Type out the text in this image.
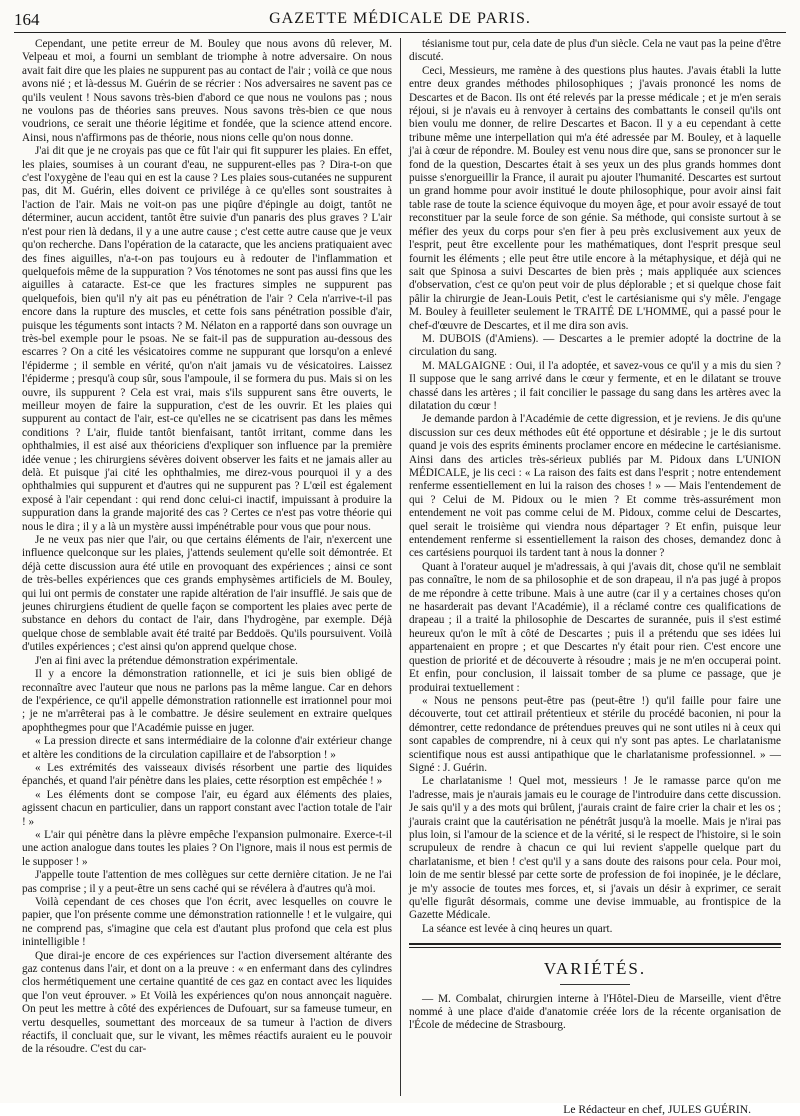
164	GAZETTE MÉDICALE DE PARIS.

Cependant, une petite erreur de M. Bouley que nous avons dû relever, M. Velpeau et moi, a fourni un semblant de triomphe à notre adversaire. On nous avait fait dire que les plaies ne suppurent pas au contact de l'air ; voilà ce que nous avons nié ; et là-dessus M. Guérin de se récrier : Nos adversaires ne savent pas ce qu'ils veulent ! Nous savons très-bien d'abord ce que nous ne voulons pas ; nous ne voulons pas de théories sans preuves. Nous savons très-bien ce que nous voudrions, ce serait une théorie légitime et fondée, que la science attend encore. Ainsi, nous n'affirmons pas de théorie, nous nions celle qu'on nous donne.

J'ai dit que je ne croyais pas que ce fût l'air qui fit suppurer les plaies. En effet, les plaies, soumises à un courant d'eau, ne suppurent-elles pas ? Dira-t-on que c'est l'oxygène de l'eau qui en est la cause ? Les plaies sous-cutanées ne suppurent pas, dit M. Guérin, elles doivent ce privilége à ce qu'elles sont soustraites à l'action de l'air. Mais ne voit-on pas une piqûre d'épingle au doigt, tantôt ne déterminer, aucun accident, tantôt être suivie d'un panaris des plus graves ? L'air n'est pour rien là dedans, il y a une autre cause ; c'est cette autre cause que je veux qu'on recherche. Dans l'opération de la cataracte, que les anciens pratiquaient avec des fines aiguilles, n'a-t-on pas toujours eu à redouter de l'inflammation et quelquefois même de la suppuration ? Vos ténotomes ne sont pas aussi fins que les aiguilles à cataracte. Est-ce que les fractures simples ne suppurent pas quelquefois, bien qu'il n'y ait pas eu pénétration de l'air ? Cela n'arrive-t-il pas encore dans la rupture des muscles, et cette fois sans pénétration possible d'air, puisque les téguments sont intacts ? M. Nélaton en a rapporté dans son ouvrage un très-bel exemple pour le psoas. Ne se fait-il pas de suppuration au-dessous des escarres ? On a cité les vésicatoires comme ne suppurant que lorsqu'on a enlevé l'épiderme ; il semble en vérité, qu'on n'ait jamais vu de vésicatoires. Laissez l'épiderme ; presqu'à coup sûr, sous l'ampoule, il se formera du pus. Mais si on les ouvre, ils suppurent ? Cela est vrai, mais s'ils suppurent sans être ouverts, le meilleur moyen de faire la suppuration, c'est de les ouvrir. Et les plaies qui suppurent au contact de l'air, est-ce qu'elles ne se cicatrisent pas dans les mêmes conditions ? L'air, fluide tantôt bienfaisant, tantôt irritant, comme dans les ophthalmies, il est aisé aux théoriciens d'expliquer son influence par la première idée venue ; les chirurgiens sévères doivent observer les faits et ne jamais aller au delà. Et puisque j'ai cité les ophthalmies, me direz-vous pourquoi il y a des ophthalmies qui suppurent et d'autres qui ne suppurent pas ? L'œil est également exposé à l'air cependant : qui rend donc celui-ci inactif, impuissant à produire la suppuration dans la grande majorité des cas ? Certes ce n'est pas votre théorie qui nous le dira ; il y a là un mystère aussi impénétrable pour vous que pour nous.

Je ne veux pas nier que l'air, ou que certains éléments de l'air, n'exercent une influence quelconque sur les plaies, j'attends seulement qu'elle soit démontrée. Et déjà cette discussion aura été utile en provoquant des expériences ; ainsi ce sont de très-belles expériences que ces grands emphysèmes artificiels de M. Bouley, qui lui ont permis de constater une rapide altération de l'air insufflé. Je sais que de jeunes chirurgiens étudient de quelle façon se comportent les plaies avec perte de substance en dehors du contact de l'air, dans l'hydrogène, par exemple. Déjà quelque chose de semblable avait été traité par Beddoës. Qu'ils poursuivent. Voilà d'utiles expériences ; c'est ainsi qu'on apprend quelque chose.

J'en ai fini avec la prétendue démonstration expérimentale.

Il y a encore la démonstration rationnelle, et ici je suis bien obligé de reconnaître avec l'auteur que nous ne parlons pas la même langue. Car en dehors de l'expérience, ce qu'il appelle démonstration rationnelle est irrationnel pour moi ; je ne m'arrêterai pas à le combattre. Je désire seulement en extraire quelques apophthegmes pour que l'Académie puisse en juger.

« La pression directe et sans intermédiaire de la colonne d'air extérieur change et altère les conditions de la circulation capillaire et de l'absorption ! »

« Les extrémités des vaisseaux divisés résorbent une partie des liquides épanchés, et quand l'air pénètre dans les plaies, cette résorption est empêchée ! »

« Les éléments dont se compose l'air, eu égard aux éléments des plaies, agissent chacun en particulier, dans un rapport constant avec l'action totale de l'air ! »

« L'air qui pénètre dans la plèvre empêche l'expansion pulmonaire. Exerce-t-il une action analogue dans toutes les plaies ? On l'ignore, mais il nous est permis de le supposer ! »

J'appelle toute l'attention de mes collègues sur cette dernière citation. Je ne l'ai pas comprise ; il y a peut-être un sens caché qui se révélera à d'autres qu'à moi.

Voilà cependant de ces choses que l'on écrit, avec lesquelles on couvre le papier, que l'on présente comme une démonstration rationnelle ! et le vulgaire, qui ne comprend pas, s'imagine que cela est d'autant plus profond que cela est plus inintelligible !

Que dirai-je encore de ces expériences sur l'action diversement altérante des gaz contenus dans l'air, et dont on a la preuve : « en enfermant dans des cylindres clos hermétiquement une certaine quantité de ces gaz en contact avec les liquides que l'on veut éprouver. » Et Voilà les expériences qu'on nous annonçait naguère. On peut les mettre à côté des expériences de Dufouart, sur sa fameuse tumeur, en vertu desquelles, soumettant des morceaux de sa tumeur à l'action de divers réactifs, il concluait que, sur le vivant, les mêmes réactifs auraient eu le pouvoir de la résoudre. C'est du car-

tésianisme tout pur, cela date de plus d'un siècle. Cela ne vaut pas la peine d'être discuté.

Ceci, Messieurs, me ramène à des questions plus hautes. J'avais établi la lutte entre deux grandes méthodes philosophiques ; j'avais prononcé les noms de Descartes et de Bacon. Ils ont été relevés par la presse médicale ; et je m'en serais réjoui, si je n'avais eu à renvoyer à certains des combattants le conseil qu'ils ont bien voulu me donner, de relire Descartes et Bacon. Il y a eu cependant à cette tribune même une interpellation qui m'a été adressée par M. Bouley, et à laquelle j'ai à cœur de répondre. M. Bouley est venu nous dire que, sans se prononcer sur le fond de la question, Descartes était à ses yeux un des plus grands hommes dont puisse s'enorgueillir la France, il aurait pu ajouter l'humanité. Descartes est surtout un grand homme pour avoir institué le doute philosophique, pour avoir ainsi fait table rase de toute la science équivoque du moyen âge, et pour avoir essayé de tout reconstituer par la seule force de son génie. Sa méthode, qui consiste surtout à se méfier des yeux du corps pour s'en fier à peu près exclusivement aux yeux de l'esprit, peut être excellente pour les mathématiques, dont l'esprit presque seul fournit les éléments ; elle peut être utile encore à la métaphysique, et déjà qui ne sait que Spinosa a suivi Descartes de bien près ; mais appliquée aux sciences d'observation, c'est ce qu'on peut voir de plus déplorable ; et si quelque chose fait pâlir la chirurgie de Jean-Louis Petit, c'est le cartésianisme qui s'y mêle. J'engage M. Bouley à feuilleter seulement le TRAITÉ DE L'HOMME, qui a passé pour le chef-d'œuvre de Descartes, et il me dira son avis.

M. DUBOIS (d'Amiens). — Descartes a le premier adopté la doctrine de la circulation du sang.

M. MALGAIGNE : Oui, il l'a adoptée, et savez-vous ce qu'il y a mis du sien ? Il suppose que le sang arrivé dans le cœur y fermente, et en le dilatant se trouve chassé dans les artères ; il fait concilier le passage du sang dans les artères avec la dilatation du cœur !

Je demande pardon à l'Académie de cette digression, et je reviens. Je dis qu'une discussion sur ces deux méthodes eût été opportune et désirable ; je le dis surtout quand je vois des esprits éminents proclamer encore en médecine le cartésianisme. Ainsi dans des articles très-sérieux publiés par M. Pidoux dans L'UNION MÉDICALE, je lis ceci : « La raison des faits est dans l'esprit ; notre entendement renferme essentiellement en lui la raison des choses ! » — Mais l'entendement de qui ? Celui de M. Pidoux ou le mien ? Et comme très-assurément mon entendement ne voit pas comme celui de M. Pidoux, comme celui de Descartes, quel serait le troisième qui viendra nous départager ? Et enfin, puisque leur entendement renferme si essentiellement la raison des choses, demandez donc à ces cartésiens pourquoi ils tardent tant à nous la donner ?

Quant à l'orateur auquel je m'adressais, à qui j'avais dit, chose qu'il ne semblait pas connaître, le nom de sa philosophie et de son drapeau, il n'a pas jugé à propos de me répondre à cette tribune. Mais à une autre (car il y a certaines choses qu'on ne hasarderait pas devant l'Académie), il a réclamé contre ces qualifications de drapeau ; il a traité la philosophie de Descartes de surannée, puis il s'est estimé heureux qu'on le mît à côté de Descartes ; puis il a prétendu que ses idées lui appartenaient en propre ; et que Descartes n'y était pour rien. C'est encore une question de priorité et de découverte à résoudre ; mais je ne m'en occuperai point. Et enfin, pour conclusion, il laissait tomber de sa plume ce passage, que je produirai textuellement :

« Nous ne pensons peut-être pas (peut-être !) qu'il faille pour faire une découverte, tout cet attirail prétentieux et stérile du procédé baconien, ni pour la démontrer, cette redondance de prétendues preuves qui ne sont utiles ni à ceux qui sont capables de comprendre, ni à ceux qui n'y sont pas aptes. Le charlatanisme scientifique nous est aussi antipathique que le charlatanisme professionnel. » — Signé : J. Guérin.

Le charlatanisme ! Quel mot, messieurs ! Je le ramasse parce qu'on me l'adresse, mais je n'aurais jamais eu le courage de l'introduire dans cette discussion. Je sais qu'il y a des mots qui brûlent, j'aurais craint de faire crier la chair et les os ; j'aurais craint que la cautérisation ne pénétrât jusqu'à la moelle. Mais je n'irai pas plus loin, si l'amour de la science et de la vérité, si le respect de l'histoire, si le soin scrupuleux de rendre à chacun ce qui lui revient s'appelle quelque part du charlatanisme, et bien ! c'est qu'il y a sans doute des raisons pour cela. Pour moi, loin de me sentir blessé par cette sorte de profession de foi inopinée, je le déclare, je m'y associe de toutes mes forces, et, si j'avais un désir à exprimer, ce serait qu'elle figurât désormais, comme une devise immuable, au frontispice de la Gazette Médicale.

La séance est levée à cinq heures un quart.

VARIÉTÉS.

— M. Combalat, chirurgien interne à l'Hôtel-Dieu de Marseille, vient d'être nommé à une place d'aide d'anatomie créée lors de la récente organisation de l'École de médecine de Strasbourg.

Le Rédacteur en chef, JULES GUÉRIN.
